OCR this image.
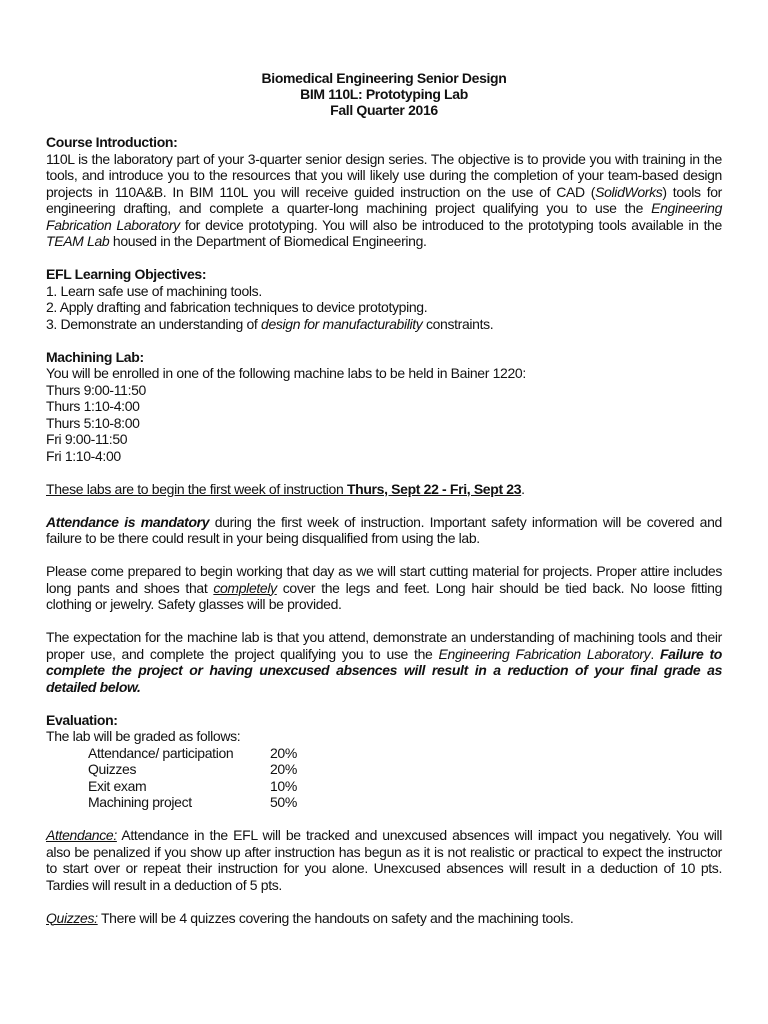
Biomedical Engineering Senior Design
BIM 110L: Prototyping Lab
Fall Quarter 2016
Course Introduction:

110L is the laboratory part of your 3-quarter senior design series. The objective is to provide you with training in the tools, and introduce you to the resources that you will likely use during the completion of your team-based design projects in 110A&B. In BIM 110L you will receive guided instruction on the use of CAD (SolidWorks) tools for engineering drafting, and complete a quarter-long machining project qualifying you to use the Engineering Fabrication Laboratory for device prototyping. You will also be introduced to the prototyping tools available in the TEAM Lab housed in the Department of Biomedical Engineering.

EFL Learning Objectives:
1. Learn safe use of machining tools.
2. Apply drafting and fabrication techniques to device prototyping.

3. Demonstrate an understanding of design for manufacturability constraints.

Machining Lab:
You will be enrolled in one of the following machine labs to be held in Bainer 1220:
Thurs 9:00-11:50
Thurs 1:10-4:00
Thurs 5:10-8:00
Fri 9:00-11:50

Fri 1:10-4:00

These labs are to begin the first week of instruction Thurs, Sept 22 - Fri, Sept 23.

Attendance is mandatory during the first week of instruction. Important safety information will be covered and failure to be there could result in your being disqualified from using the lab.

Please come prepared to begin working that day as we will start cutting material for projects. Proper attire includes long pants and shoes that completely cover the legs and feet. Long hair should be tied back. No loose fitting clothing or jewelry. Safety glasses will be provided.

The expectation for the machine lab is that you attend, demonstrate an understanding of machining tools and their proper use, and complete the project qualifying you to use the Engineering Fabrication Laboratory. Failure to complete the project or having unexcused absences will result in a reduction of your final grade as detailed below.

Evaluation:
The lab will be graded as follows:
Attendance/ participation	20%
Quizzes	20%
Exit exam	10%
Machining project	50%

Attendance: Attendance in the EFL will be tracked and unexcused absences will impact you negatively. You will also be penalized if you show up after instruction has begun as it is not realistic or practical to expect the instructor to start over or repeat their instruction for you alone. Unexcused absences will result in a deduction of 10 pts. Tardies will result in a deduction of 5 pts.

Quizzes: There will be 4 quizzes covering the handouts on safety and the machining tools.
